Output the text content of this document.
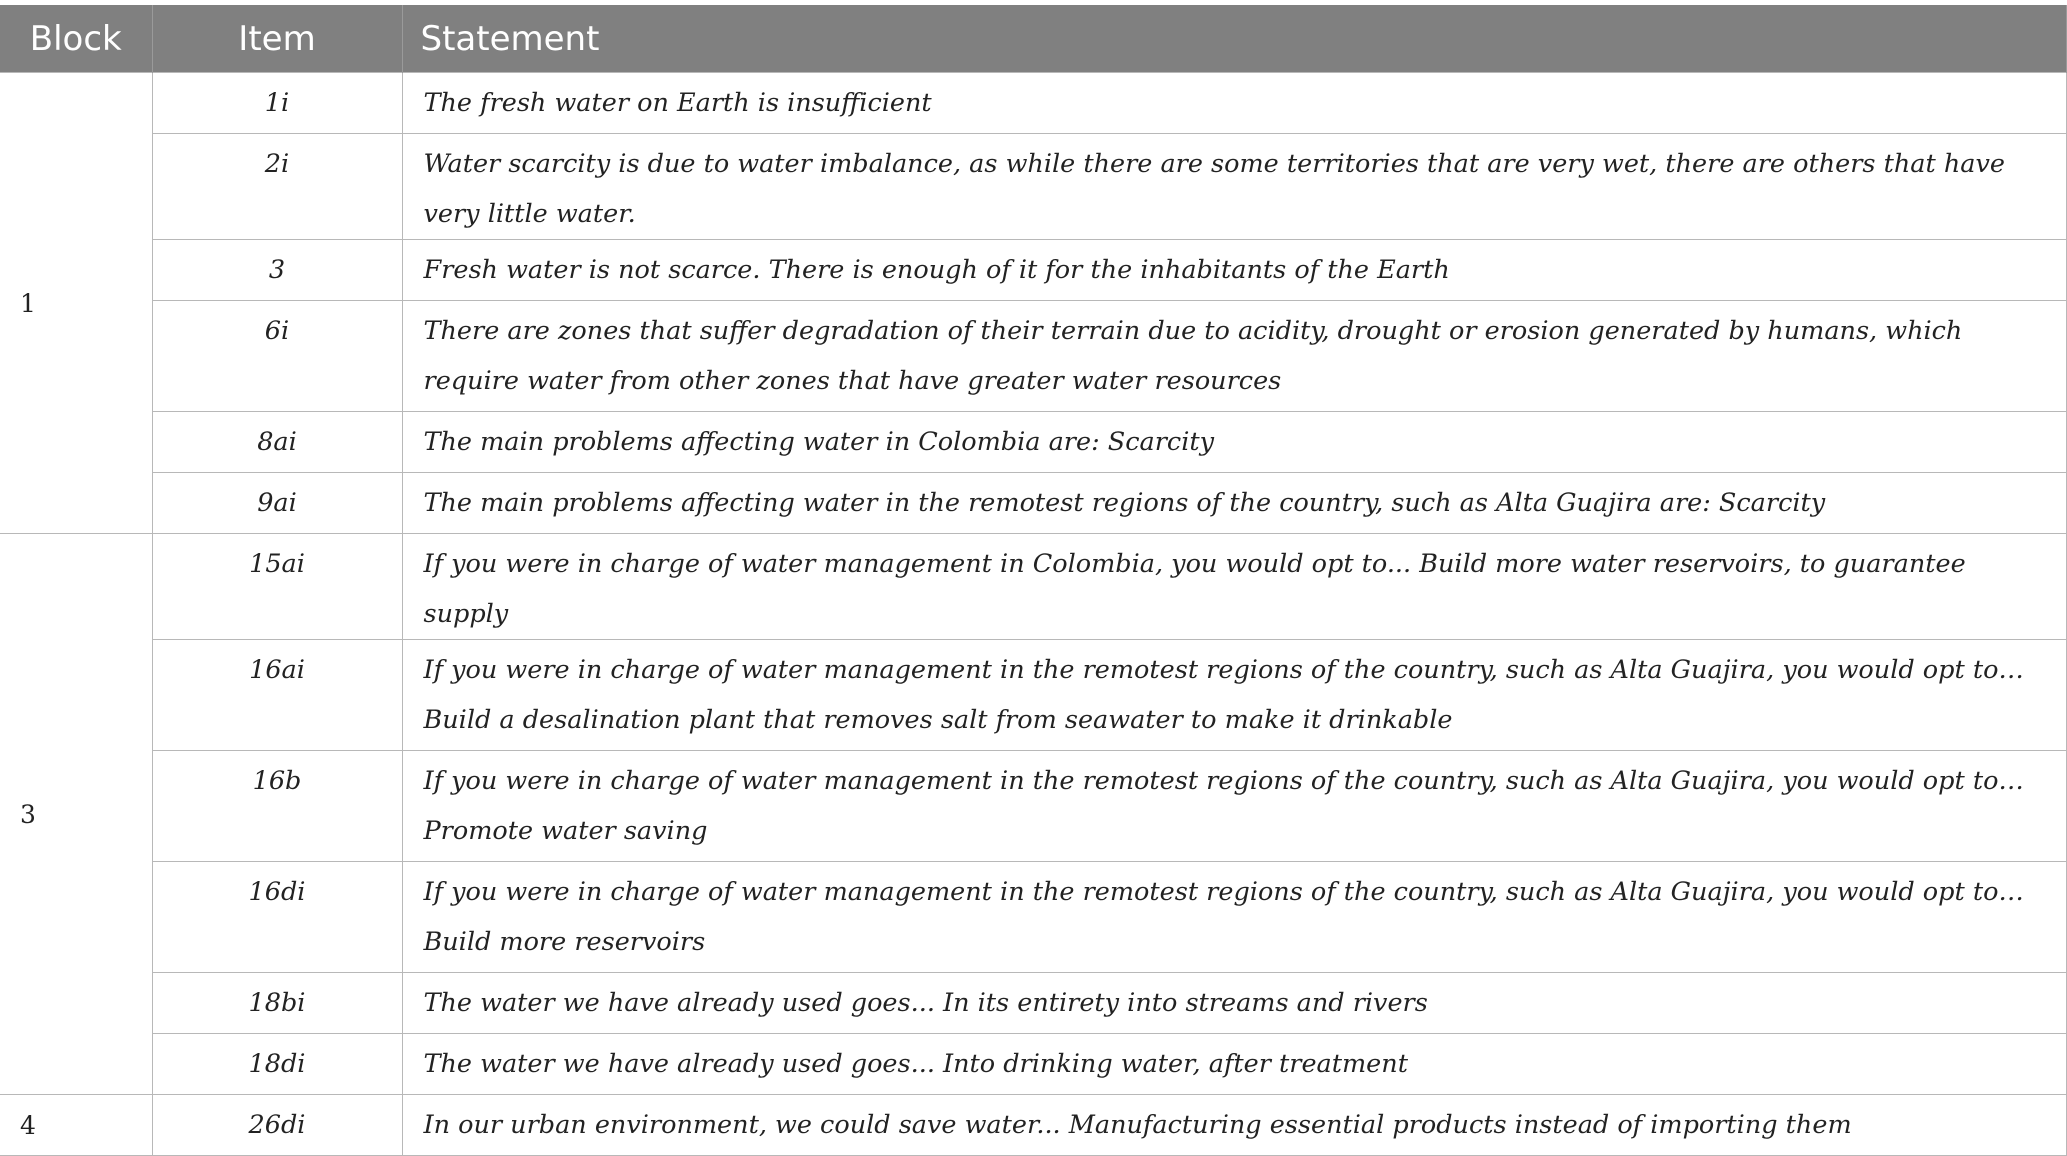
Block	Item	Statement
1	1i	The fresh water on Earth is insufficient

	2i	Water scarcity is due to water imbalance, as while there are some territories that are very wet, there are others that have very little water.

	3	Fresh water is not scarce. There is enough of it for the inhabitants of the Earth

	6i	There are zones that suffer degradation of their terrain due to acidity, drought or erosion generated by humans, which require water from other zones that have greater water resources

	8ai	The main problems affecting water in Colombia are: Scarcity

	9ai	The main problems affecting water in the remotest regions of the country, such as Alta Guajira are: Scarcity

3	15ai	If you were in charge of water management in Colombia, you would opt to... Build more water reservoirs, to guarantee supply

	16ai	If you were in charge of water management in the remotest regions of the country, such as Alta Guajira, you would opt to… Build a desalination plant that removes salt from seawater to make it drinkable

	16b	If you were in charge of water management in the remotest regions of the country, such as Alta Guajira, you would opt to… Promote water saving

	16di	If you were in charge of water management in the remotest regions of the country, such as Alta Guajira, you would opt to… Build more reservoirs

	18bi	The water we have already used goes... In its entirety into streams and rivers

	18di	The water we have already used goes... Into drinking water, after treatment

4	26di	In our urban environment, we could save water... Manufacturing essential products instead of importing them
